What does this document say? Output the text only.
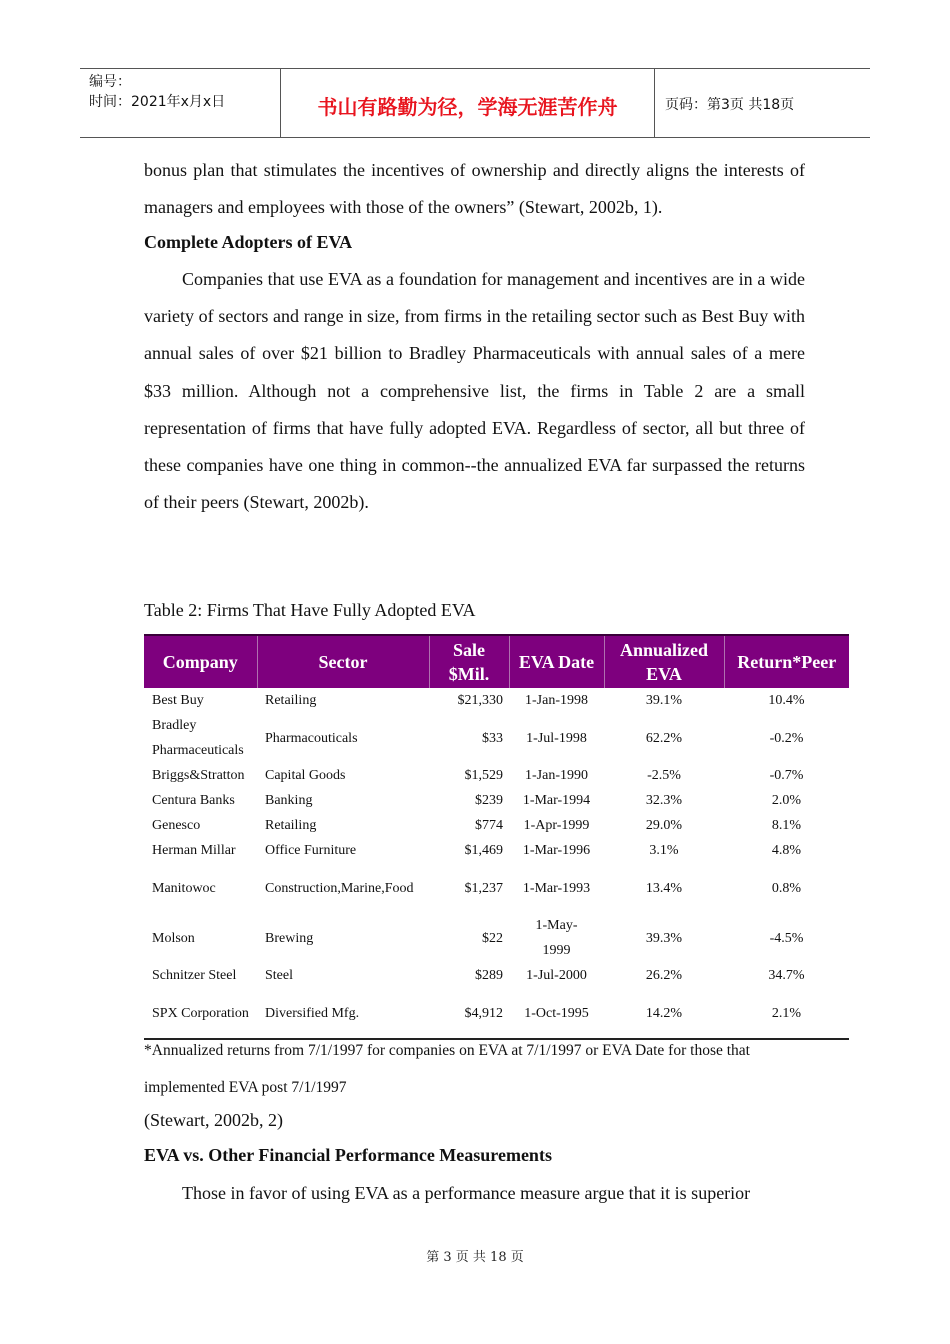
编号：
时间：2021年x月x日	书山有路勤为径，学海无涯苦作舟	页码：第3页 共18页

bonus plan that stimulates the incentives of ownership and directly aligns the interests of managers and employees with those of the owners” (Stewart, 2002b, 1).

Complete Adopters of EVA

Companies that use EVA as a foundation for management and incentives are in a wide variety of sectors and range in size, from firms in the retailing sector such as Best Buy with annual sales of over $21 billion to Bradley Pharmaceuticals with annual sales of a mere $33 million. Although not a comprehensive list, the firms in Table 2 are a small representation of firms that have fully adopted EVA. Regardless of sector, all but three of these companies have one thing in common--the annualized EVA far surpassed the returns of their peers (Stewart, 2002b).

Table 2: Firms That Have Fully Adopted EVA
Company	Sector	Sale $Mil.	EVA Date	Annualized EVA	Return*Peer
Best Buy	Retailing	$21,330	1-Jan-1998	39.1%	10.4%
Bradley Pharmaceuticals	Pharmacouticals	$33	1-Jul-1998	62.2%	-0.2%
Briggs&Stratton	Capital Goods	$1,529	1-Jan-1990	-2.5%	-0.7%
Centura Banks	Banking	$239	1-Mar-1994	32.3%	2.0%
Genesco	Retailing	$774	1-Apr-1999	29.0%	8.1%
Herman Millar	Office Furniture	$1,469	1-Mar-1996	3.1%	4.8%
Manitowoc	Construction,Marine,Food	$1,237	1-Mar-1993	13.4%	0.8%
Molson	Brewing	$22	1-May-1999	39.3%	-4.5%
Schnitzer Steel	Steel	$289	1-Jul-2000	26.2%	34.7%
SPX Corporation	Diversified Mfg.	$4,912	1-Oct-1995	14.2%	2.1%
*Annualized returns from 7/1/1997 for companies on EVA at 7/1/1997 or EVA Date for those that implemented EVA post 7/1/1997
(Stewart, 2002b, 2)
EVA vs. Other Financial Performance Measurements

Those in favor of using EVA as a performance measure argue that it is superior

第 3 页 共 18 页
